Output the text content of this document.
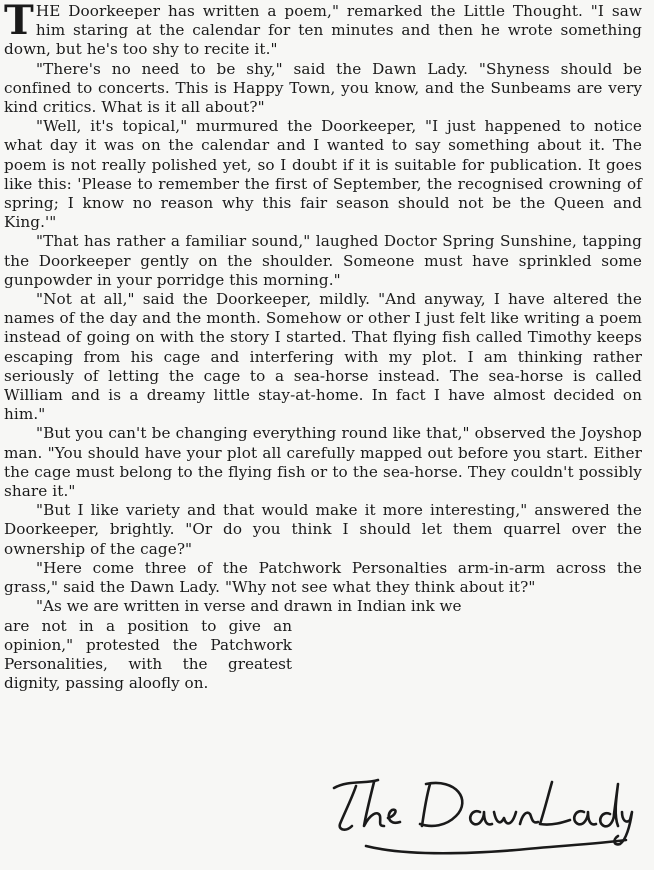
THE Doorkeeper has written a poem," remarked the Little Thought. "I saw him staring at the calendar for ten minutes and then he wrote something down, but he's too shy to recite it."

"There's no need to be shy," said the Dawn Lady. "Shyness should be confined to concerts. This is Happy Town, you know, and the Sunbeams are very kind critics. What is it all about?"

"Well, it's topical," murmured the Doorkeeper, "I just happened to notice what day it was on the calendar and I wanted to say something about it. The poem is not really polished yet, so I doubt if it is suitable for publication. It goes like this: 'Please to remember the first of September, the recognised crowning of spring; I know no reason why this fair season should not be the Queen and King.'"

"That has rather a familiar sound," laughed Doctor Spring Sunshine, tapping the Doorkeeper gently on the shoulder. Someone must have sprinkled some gunpowder in your porridge this morning."

"Not at all," said the Doorkeeper, mildly. "And anyway, I have altered the names of the day and the month. Somehow or other I just felt like writing a poem instead of going on with the story I started. That flying fish called Timothy keeps escaping from his cage and interfering with my plot. I am thinking rather seriously of letting the cage to a sea-horse instead. The sea-horse is called William and is a dreamy little stay-at-home. In fact I have almost decided on him."

"But you can't be changing everything round like that," observed the Joyshop man. "You should have your plot all carefully mapped out before you start. Either the cage must belong to the flying fish or to the sea-horse. They couldn't possibly share it."

"But I like variety and that would make it more interesting," answered the Doorkeeper, brightly. "Or do you think I should let them quarrel over the ownership of the cage?"

"Here come three of the Patchwork Personalties arm-in-arm across the grass," said the Dawn Lady. "Why not see what they think about it?"

"As we are written in verse and drawn in Indian ink we

are not in a position to give an opinion," protested the Patchwork Personalities, with the greatest dignity, passing aloofly on.
